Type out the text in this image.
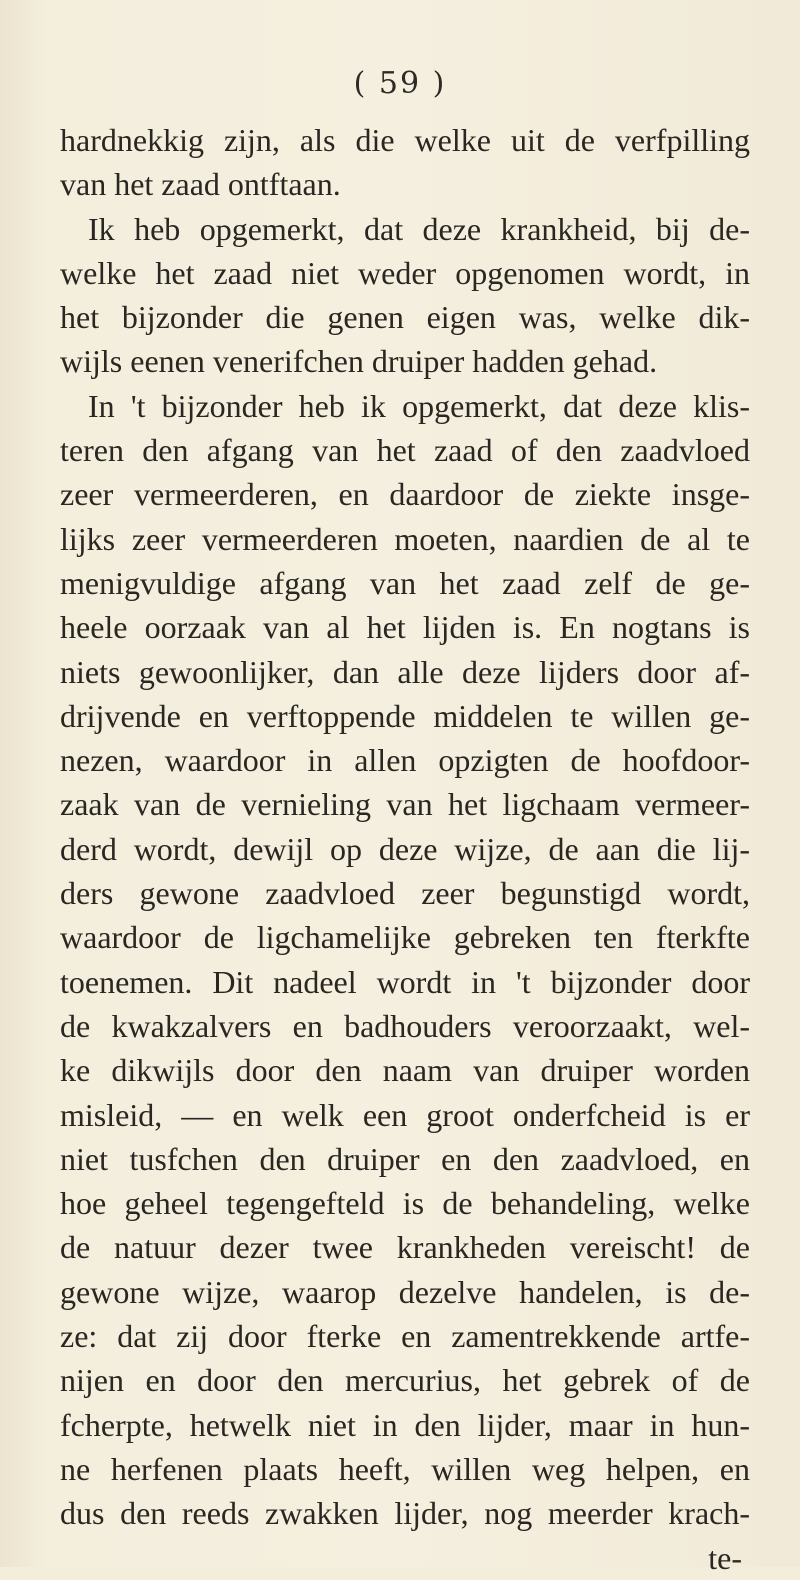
( 59 )
hardnekkig zijn, als die welke uit de verfpilling
van het zaad ontftaan.
Ik heb opgemerkt, dat deze krankheid, bij de-
welke het zaad niet weder opgenomen wordt, in
het bijzonder die genen eigen was, welke dik-
wijls eenen venerifchen druiper hadden gehad.
In 't bijzonder heb ik opgemerkt, dat deze klis-
teren den afgang van het zaad of den zaadvloed
zeer vermeerderen, en daardoor de ziekte insge-
lijks zeer vermeerderen moeten, naardien de al te
menigvuldige afgang van het zaad zelf de ge-
heele oorzaak van al het lijden is. En nogtans is
niets gewoonlijker, dan alle deze lijders door af-
drijvende en verftoppende middelen te willen ge-
nezen, waardoor in allen opzigten de hoofdoor-
zaak van de vernieling van het ligchaam vermeer-
derd wordt, dewijl op deze wijze, de aan die lij-
ders gewone zaadvloed zeer begunstigd wordt,
waardoor de ligchamelijke gebreken ten fterkfte
toenemen. Dit nadeel wordt in 't bijzonder door
de kwakzalvers en badhouders veroorzaakt, wel-
ke dikwijls door den naam van druiper worden
misleid, — en welk een groot onderfcheid is er
niet tusfchen den druiper en den zaadvloed, en
hoe geheel tegengefteld is de behandeling, welke
de natuur dezer twee krankheden vereischt! de
gewone wijze, waarop dezelve handelen, is de-
ze: dat zij door fterke en zamentrekkende artfe-
nijen en door den mercurius, het gebrek of de
fcherpte, hetwelk niet in den lijder, maar in hun-
ne herfenen plaats heeft, willen weg helpen, en
dus den reeds zwakken lijder, nog meerder krach-
te-
